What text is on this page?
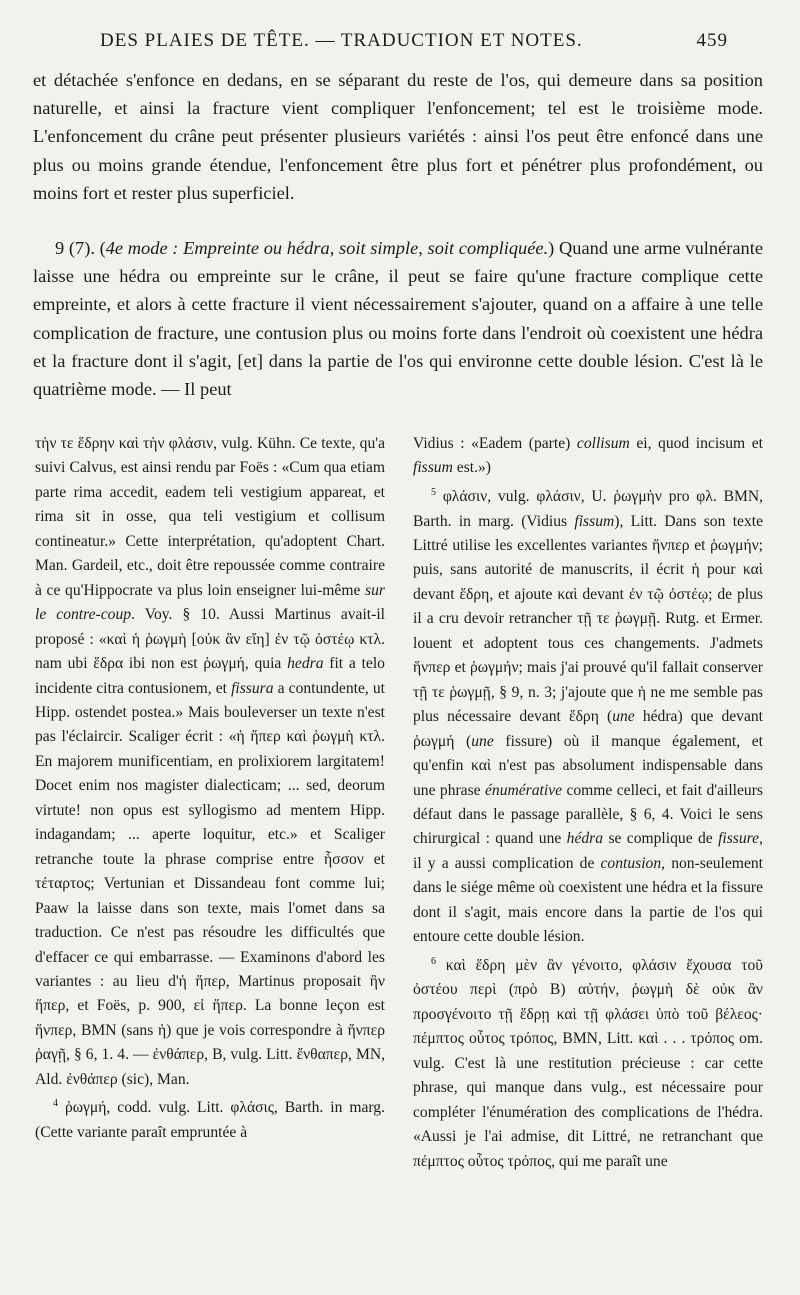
DES PLAIES DE TÊTE. — TRADUCTION ET NOTES.	459

et détachée s'enfonce en dedans, en se séparant du reste de l'os, qui demeure dans sa position naturelle, et ainsi la fracture vient compliquer l'enfoncement; tel est le troisième mode. L'enfoncement du crâne peut présenter plusieurs variétés : ainsi l'os peut être enfoncé dans une plus ou moins grande étendue, l'enfoncement être plus fort et pénétrer plus profondément, ou moins fort et rester plus superficiel.

9 (7). (4e mode : Empreinte ou hédra, soit simple, soit compliquée.) Quand une arme vulnérante laisse une hédra ou empreinte sur le crâne, il peut se faire qu'une fracture complique cette empreinte, et alors à cette fracture il vient nécessairement s'ajouter, quand on a affaire à une telle complication de fracture, une contusion plus ou moins forte dans l'endroit où coexistent une hédra et la fracture dont il s'agit, [et] dans la partie de l'os qui environne cette double lésion. C'est là le quatrième mode. — Il peut

τὴν τε ἕδρην καὶ τὴν φλάσιν, vulg. Kühn. Ce texte, qu'a suivi Calvus, est ainsi rendu par Foës : «Cum qua etiam parte rima accedit, eadem teli vestigium appareat, et rima sit in osse, qua teli vestigium et collisum contineatur.» Cette interprétation, qu'adoptent Chart. Man. Gardeil, etc., doit être repoussée comme contraire à ce qu'Hippocrate va plus loin enseigner lui-même sur le contre-coup. Voy. § 10. Aussi Martinus avait-il proposé : «καὶ ἡ ῥωγμὴ [οὐκ ἂν εἴη] ἐν τῷ ὀστέῳ κτλ. nam ubi ἕδρα ibi non est ῥωγμή, quia hedra fit a telo incidente citra contusionem, et fissura a contundente, ut Hipp. ostendet postea.» Mais bouleverser un texte n'est pas l'éclaircir. Scaliger écrit : «ἡ ἥπερ καὶ ῥωγμὴ κτλ. En majorem munificentiam, en prolixiorem largitatem! Docet enim nos magister dialecticam; ... sed, deorum virtute! non opus est syllogismo ad mentem Hipp. indagandam; ... aperte loquitur, etc.» et Scaliger retranche toute la phrase comprise entre ἧσσον et τέταρτος; Vertunian et Dissandeau font comme lui; Paaw la laisse dans son texte, mais l'omet dans sa traduction. Ce n'est pas résoudre les difficultés que d'effacer ce qui embarrasse. — Examinons d'abord les variantes : au lieu d'ἡ ἥπερ, Martinus proposait ἣν ἥπερ, et Foës, p. 900, εἰ ἥπερ. La bonne leçon est ἥνπερ, BMN (sans ἡ) que je vois correspondre à ἥνπερ ῥαγῇ, § 6, 1. 4. — ἐνθάπερ, B, vulg. Litt. ἔνθαπερ, MN, Ald. ἐνθάπερ (sic), Man.

$^4$ ῥωγμή, codd. vulg. Litt. φλάσις, Barth. in marg. (Cette variante paraît empruntée à

Vidius : «Eadem (parte) collisum ei, quod incisum et fissum est.»)

$^5$ φλάσιν, vulg. φλάσιν, U. ῥωγμὴν pro φλ. BMN, Barth. in marg. (Vidius fissum), Litt. Dans son texte Littré utilise les excellentes variantes ἥνπερ et ῥωγμήν; puis, sans autorité de manuscrits, il écrit ἡ pour καὶ devant ἕδρη, et ajoute καὶ devant ἐν τῷ ὀστέῳ; de plus il a cru devoir retrancher τῇ τε ῥωγμῇ. Rutg. et Ermer. louent et adoptent tous ces changements. J'admets ἥνπερ et ῥωγμήν; mais j'ai prouvé qu'il fallait conserver τῇ τε ῥωγμῇ, § 9, n. 3; j'ajoute que ἡ ne me semble pas plus nécessaire devant ἕδρη (une hédra) que devant ῥωγμή (une fissure) où il manque également, et qu'enfin καὶ n'est pas absolument indispensable dans une phrase énumérative comme celleci, et fait d'ailleurs défaut dans le passage parallèle, § 6, 4. Voici le sens chirurgical : quand une hédra se complique de fissure, il y a aussi complication de contusion, non-seulement dans le siége même où coexistent une hédra et la fissure dont il s'agit, mais encore dans la partie de l'os qui entoure cette double lésion.

$^6$ καὶ ἕδρη μὲν ἂν γένοιτο, φλάσιν ἔχουσα τοῦ ὀστέου περὶ (πρὸ B) αὐτήν, ῥωγμὴ δὲ οὐκ ἂν προσγένοιτο τῇ ἕδρῃ καὶ τῇ φλάσει ὑπὸ τοῦ βέλεος· πέμπτος οὗτος τρόπος, BMN, Litt. καὶ . . . τρόπος om. vulg. C'est là une restitution précieuse : car cette phrase, qui manque dans vulg., est nécessaire pour compléter l'énumération des complications de l'hédra. «Aussi je l'ai admise, dit Littré, ne retranchant que πέμπτος οὗτος τρόπος, qui me paraît une
